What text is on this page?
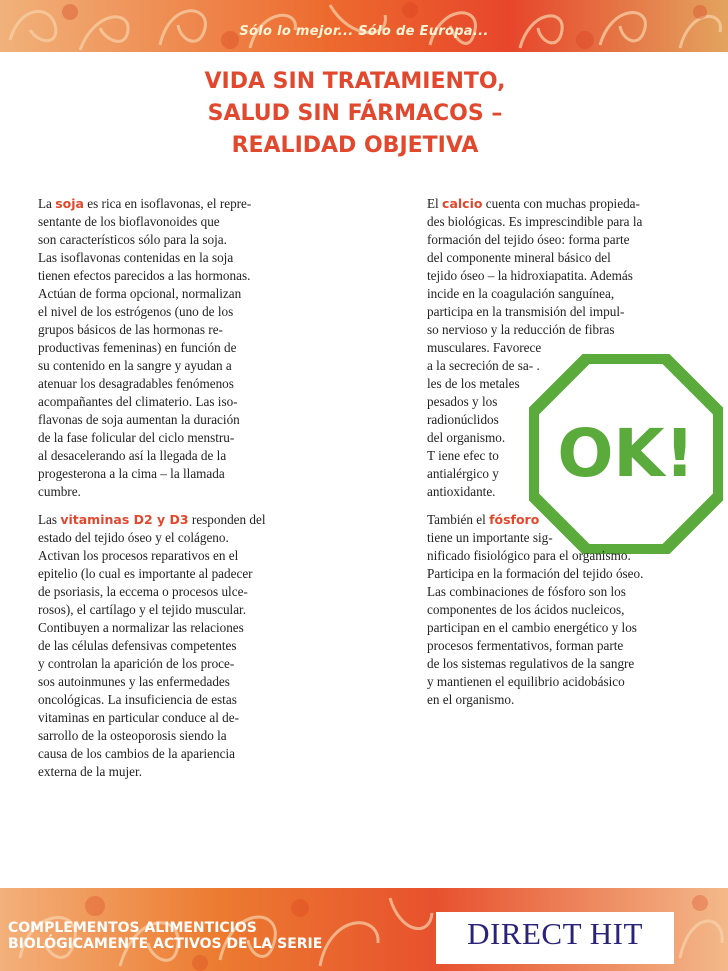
Sólo lo mejor... Sólo de Europa...
VIDA SIN TRATAMIENTO,
SALUD SIN FÁRMACOS –
REALIDAD OBJETIVA

La soja es rica en isoflavonas, el repre-
sentante de los bioflavonoides que
son característicos sólo para la soja.
Las isoflavonas contenidas en la soja
tienen efectos parecidos a las hormonas.
Actúan de forma opcional, normalizan
el nivel de los estrógenos (uno de los
grupos básicos de las hormonas re-
productivas femeninas) en función de
su contenido en la sangre y ayudan a
atenuar los desagradables fenómenos
acompañantes del climaterio. Las iso-
flavonas de soja aumentan la duración
de la fase folicular del ciclo menstru-
al desacelerando así la llegada de la
progesterona a la cima – la llamada
cumbre.

Las vitaminas D2 y D3 responden del
estado del tejido óseo y el colágeno.
Activan los procesos reparativos en el
epitelio (lo cual es importante al padecer
de psoriasis, la eccema o procesos ulce-
rosos), el cartílago y el tejido muscular.
Contibuyen a normalizar las relaciones
de las células defensivas competentes
y controlan la aparición de los proce-
sos autoinmunes y las enfermedades
oncológicas. La insuficiencia de estas
vitaminas en particular conduce al de-
sarrollo de la osteoporosis siendo la
causa de los cambios de la apariencia
externa de la mujer.

OK!

El calcio cuenta con muchas propieda-
des biológicas. Es imprescindible para la
formación del tejido óseo: forma parte
del componente mineral básico del
tejido óseo – la hidroxiapatita. Además
incide en la coagulación sanguínea,
participa en la transmisión del impul-
so nervioso y la reducción de fibras
musculares. Favorece
a la secreción de sa- .
les de los metales
pesados y los
radionúclidos
del organismo.
T iene efec to
antialérgico y
antioxidante.

También el fósforo
tiene un importante sig-
nificado fisiológico para el organismo.
Participa en la formación del tejido óseo.
Las combinaciones de fósforo son los
componentes de los ácidos nucleicos,
participan en el cambio energético y los
procesos fermentativos, forman parte
de los sistemas regulativos de la sangre
y mantienen el equilibrio acidobásico
en el organismo.

COMPLEMENTOS ALIMENTICIOS
BIOLÓGICAMENTE ACTIVOS DE LA SERIE	DIRECT HIT
